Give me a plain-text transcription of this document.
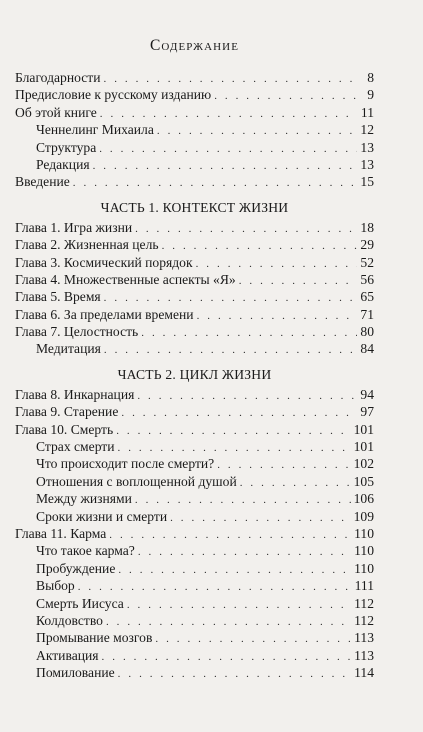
Содержание
Благодарности . . .	8
Предисловие к русскому изданию . . .	9
Об этой книге . . .	11
Ченнелинг Михаила . . .	12
Структура . . .	13
Редакция . . .	13
Введение . . .	15
ЧАСТЬ 1. КОНТЕКСТ ЖИЗНИ
Глава 1. Игра жизни . . .	18
Глава 2. Жизненная цель . . .	29
Глава 3. Космический порядок . . .	52
Глава 4. Множественные аспекты «Я» . . .	56
Глава 5. Время . . .	65
Глава 6. За пределами времени . . .	71
Глава 7. Целостность . . .	80
Медитация . . .	84
ЧАСТЬ 2. ЦИКЛ ЖИЗНИ
Глава 8. Инкарнация . . .	94
Глава 9. Старение . . .	97
Глава 10. Смерть . . .	101
Страх смерти . . .	101
Что происходит после смерти? . . .	102
Отношения с воплощенной душой . . .	105
Между жизнями . . .	106
Сроки жизни и смерти . . .	109
Глава 11. Карма . . .	110
Что такое карма? . . .	110
Пробуждение . . .	110
Выбор . . .	111
Смерть Иисуса . . .	112
Колдовство . . .	112
Промывание мозгов . . .	113
Активация . . .	113
Помилование . . .	114
